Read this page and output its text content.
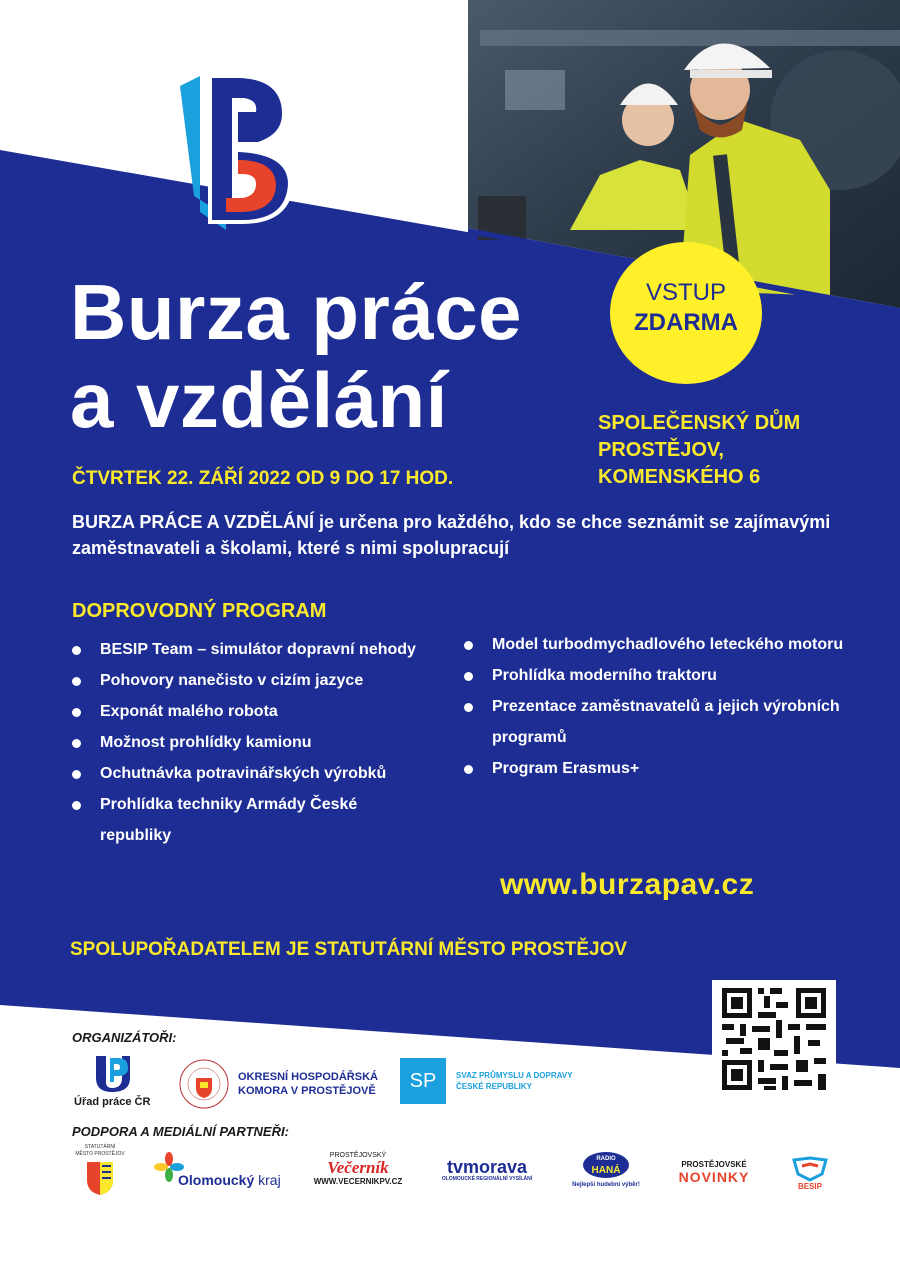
Burza práce
a vzdělání
VSTUP
ZDARMA
SPOLEČENSKÝ DŮM
PROSTĚJOV,
KOMENSKÉHO 6
ČTVRTEK 22. ZÁŘÍ 2022 OD 9 DO 17 HOD.
BURZA PRÁCE A VZDĚLÁNÍ je určena pro každého, kdo se chce seznámit se zajímavými zaměstnavateli a školami, které s nimi spolupracují
DOPROVODNÝ PROGRAM
BESIP Team – simulátor dopravní nehody
Pohovory nanečisto v cizím jazyce
Exponát malého robota
Možnost prohlídky kamionu
Ochutnávka potravinářských výrobků
Prohlídka techniky Armády České republiky
Model turbodmychadlového leteckého motoru
Prohlídka moderního traktoru
Prezentace zaměstnavatelů a jejich výrobních programů
Program Erasmus+
www.burzapav.cz
SPOLUPOŘADATELEM JE STATUTÁRNÍ MĚSTO PROSTĚJOV
ORGANIZÁTOŘI:
Úřad práce ČR
OKRESNÍ HOSPODÁŘSKÁ
KOMORA V PROSTĚJOVĚ	SP	SVAZ PRŮMYSLU A DOPRAVY
ČESKÉ REPUBLIKY
PODPORA A MEDIÁLNÍ PARTNEŘI:
STATUTÁRNÍ
MĚSTO PROSTĚJOV
Olomoucký kraj
PROSTĚJOVSKÝ
Večerník
WWW.VECERNIKPV.CZ
tvmorava
OLOMOUCKÉ REGIONÁLNÍ VYSÍLÁNÍ
RADIO
HANÁ
Nejlepší hudební výběr!
PROSTĚJOVSKÉ
NOVINKY
BESIP
